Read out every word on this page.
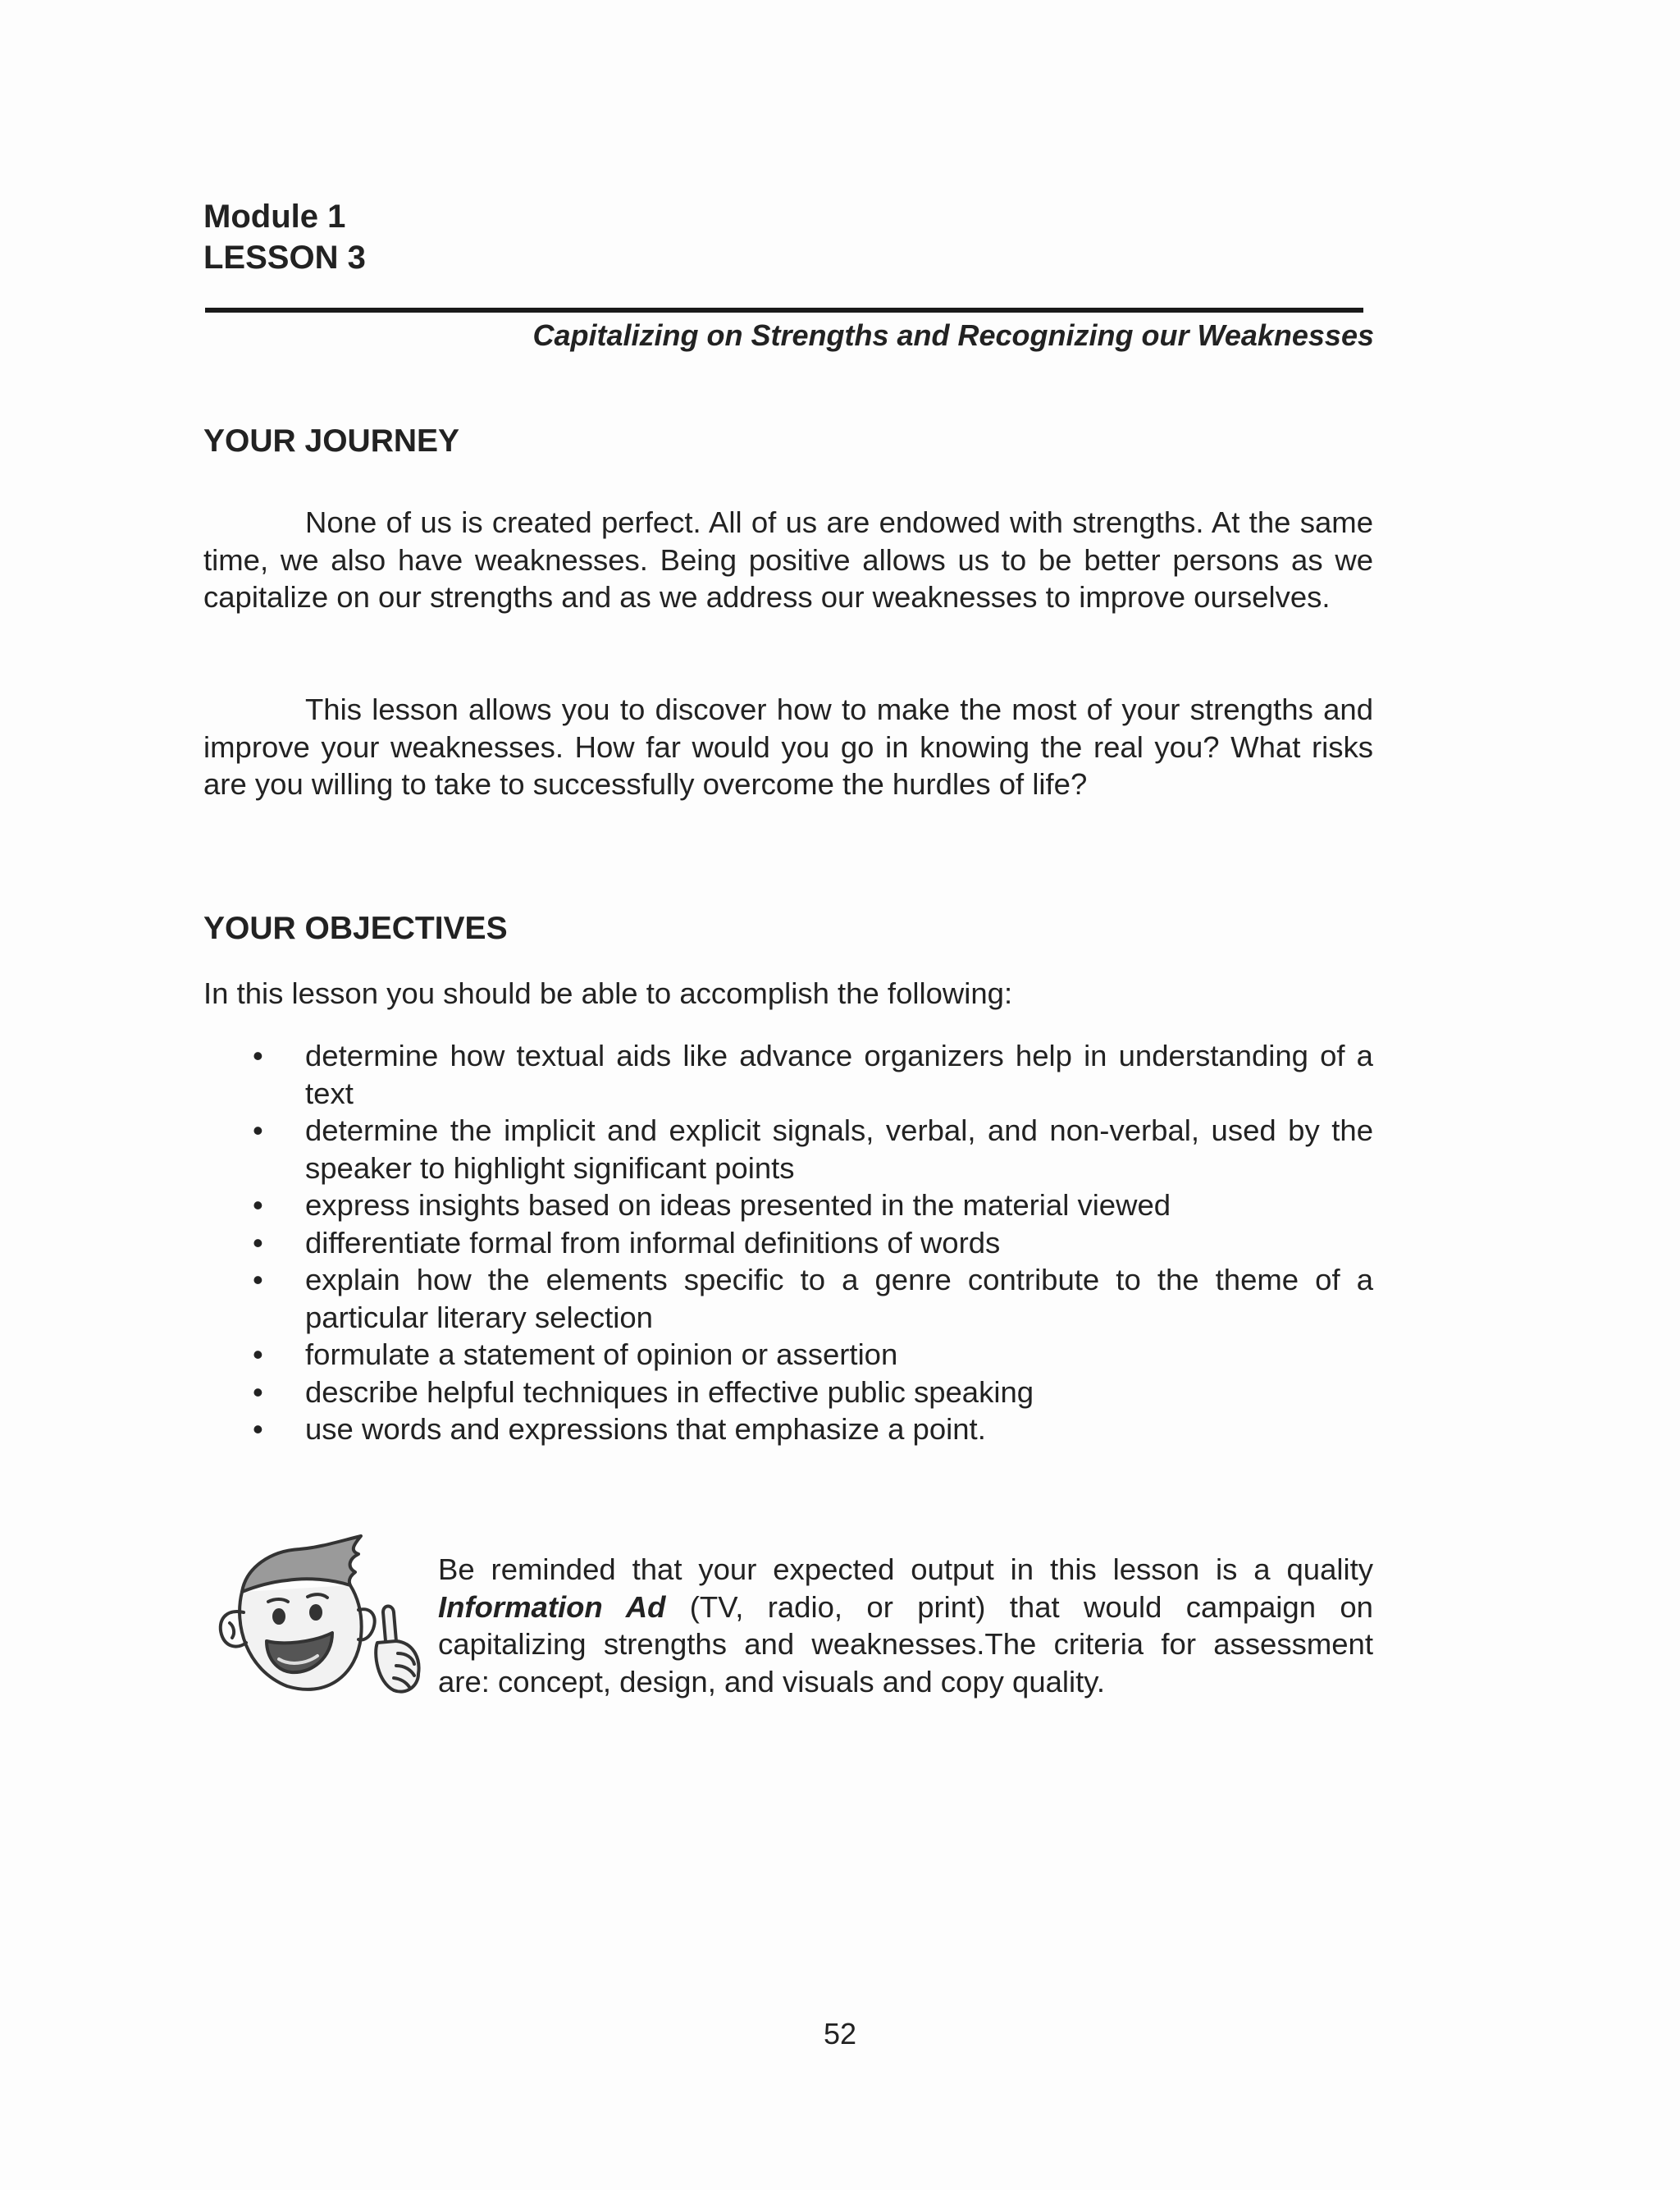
Module 1
LESSON 3
Capitalizing on Strengths and Recognizing our Weaknesses
YOUR JOURNEY

None of us is created perfect. All of us are endowed with strengths. At the same time, we also have weaknesses. Being positive allows us to be better persons as we capitalize on our strengths and as we address our weaknesses to improve ourselves.

This lesson allows you to discover how to make the most of your strengths and improve your weaknesses. How far would you go in knowing the real you? What risks are you willing to take to successfully overcome the hurdles of life?

YOUR OBJECTIVES
In this lesson you should be able to accomplish the following:
• determine how textual aids like advance organizers help in understanding of a text
• determine the implicit and explicit signals, verbal, and non-verbal, used by the speaker to highlight significant points
• express insights based on ideas presented in the material viewed
• differentiate formal from informal definitions of words
• explain how the elements specific to a genre contribute to the theme of a particular literary selection
• formulate a statement of opinion or assertion
• describe helpful techniques in effective public speaking
• use words and expressions that emphasize a point.

Be reminded that your expected output in this lesson is a quality Information Ad (TV, radio, or print) that would campaign on capitalizing strengths and weaknesses.The criteria for assessment are: concept, design, and visuals and copy quality.

52
